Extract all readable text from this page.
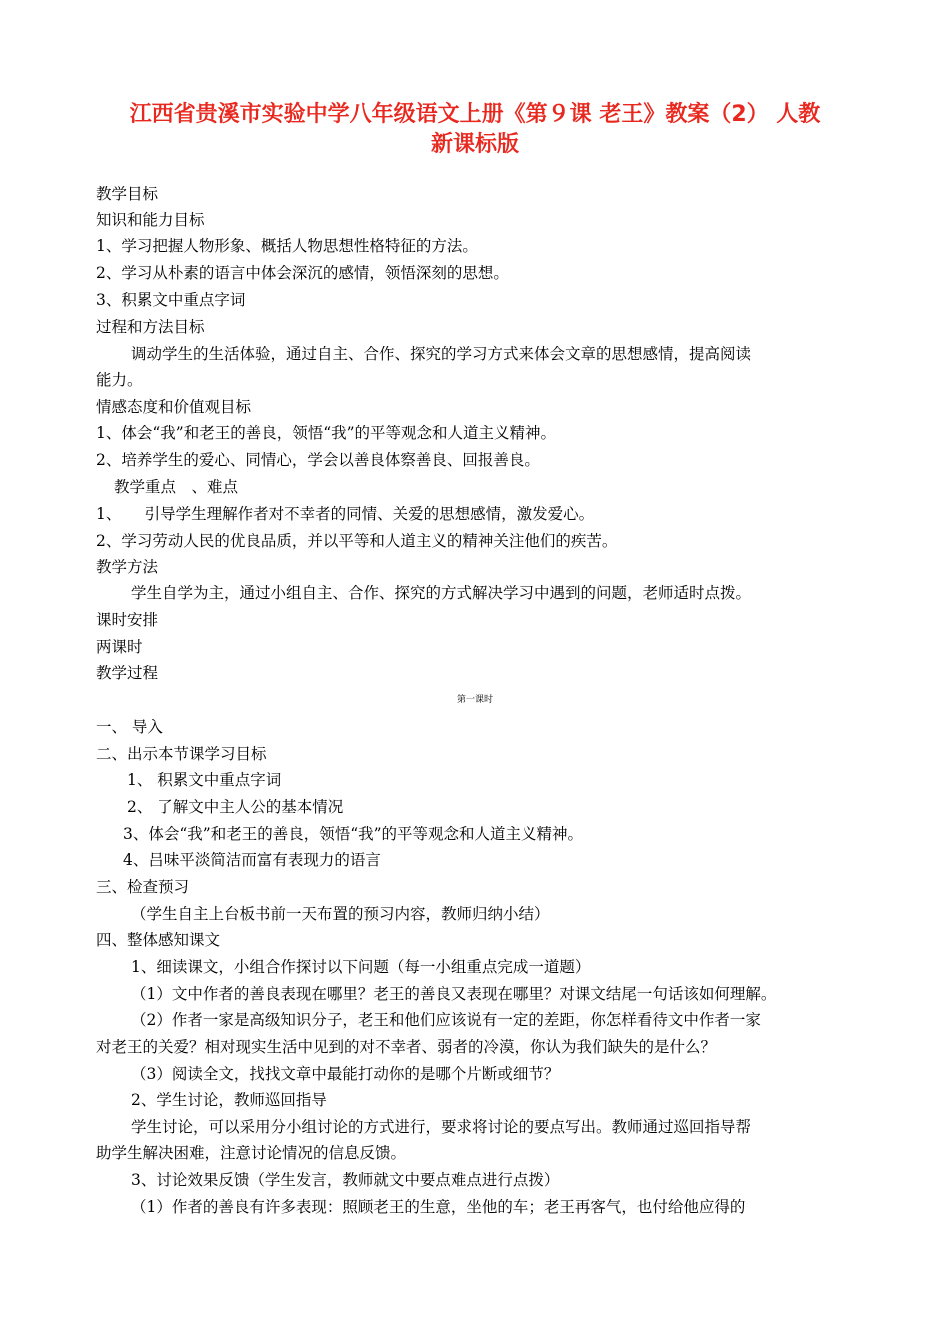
江西省贵溪市实验中学八年级语文上册《第９课 老王》教案（2） 人教
新课标版
教学目标
知识和能力目标
1、学习把握人物形象、概括人物思想性格特征的方法。
2、学习从朴素的语言中体会深沉的感情，领悟深刻的思想。
3、积累文中重点字词
过程和方法目标
调动学生的生活体验，通过自主、合作、探究的学习方式来体会文章的思想感情，提高阅读
能力。
情感态度和价值观目标
1、体会“我”和老王的善良，领悟“我”的平等观念和人道主义精神。
2、培养学生的爱心、同情心，学会以善良体察善良、回报善良。
教学重点　、难点
1、　　引导学生理解作者对不幸者的同情、关爱的思想感情，激发爱心。
2、学习劳动人民的优良品质，并以平等和人道主义的精神关注他们的疾苦。
教学方法
学生自学为主，通过小组自主、合作、探究的方式解决学习中遇到的问题，老师适时点拨。
课时安排
两课时
教学过程
第一课时
一、 导入
二、出示本节课学习目标
1、 积累文中重点字词
2、 了解文中主人公的基本情况
3、体会“我”和老王的善良，领悟“我”的平等观念和人道主义精神。
4、吕味平淡简洁而富有表现力的语言
三、检查预习
（学生自主上台板书前一天布置的预习内容，教师归纳小结）
四、整体感知课文
1、细读课文，小组合作探讨以下问题（每一小组重点完成一道题）
（1）文中作者的善良表现在哪里？老王的善良又表现在哪里？对课文结尾一句话该如何理解。
（2）作者一家是高级知识分子，老王和他们应该说有一定的差距，你怎样看待文中作者一家
对老王的关爱？相对现实生活中见到的对不幸者、弱者的冷漠，你认为我们缺失的是什么？
（3）阅读全文，找找文章中最能打动你的是哪个片断或细节？
2、学生讨论，教师巡回指导
学生讨论，可以采用分小组讨论的方式进行，要求将讨论的要点写出。教师通过巡回指导帮
助学生解决困难，注意讨论情况的信息反馈。
3、讨论效果反馈（学生发言，教师就文中要点难点进行点拨）
（1）作者的善良有许多表现：照顾老王的生意，坐他的车；老王再客气，也付给他应得的
